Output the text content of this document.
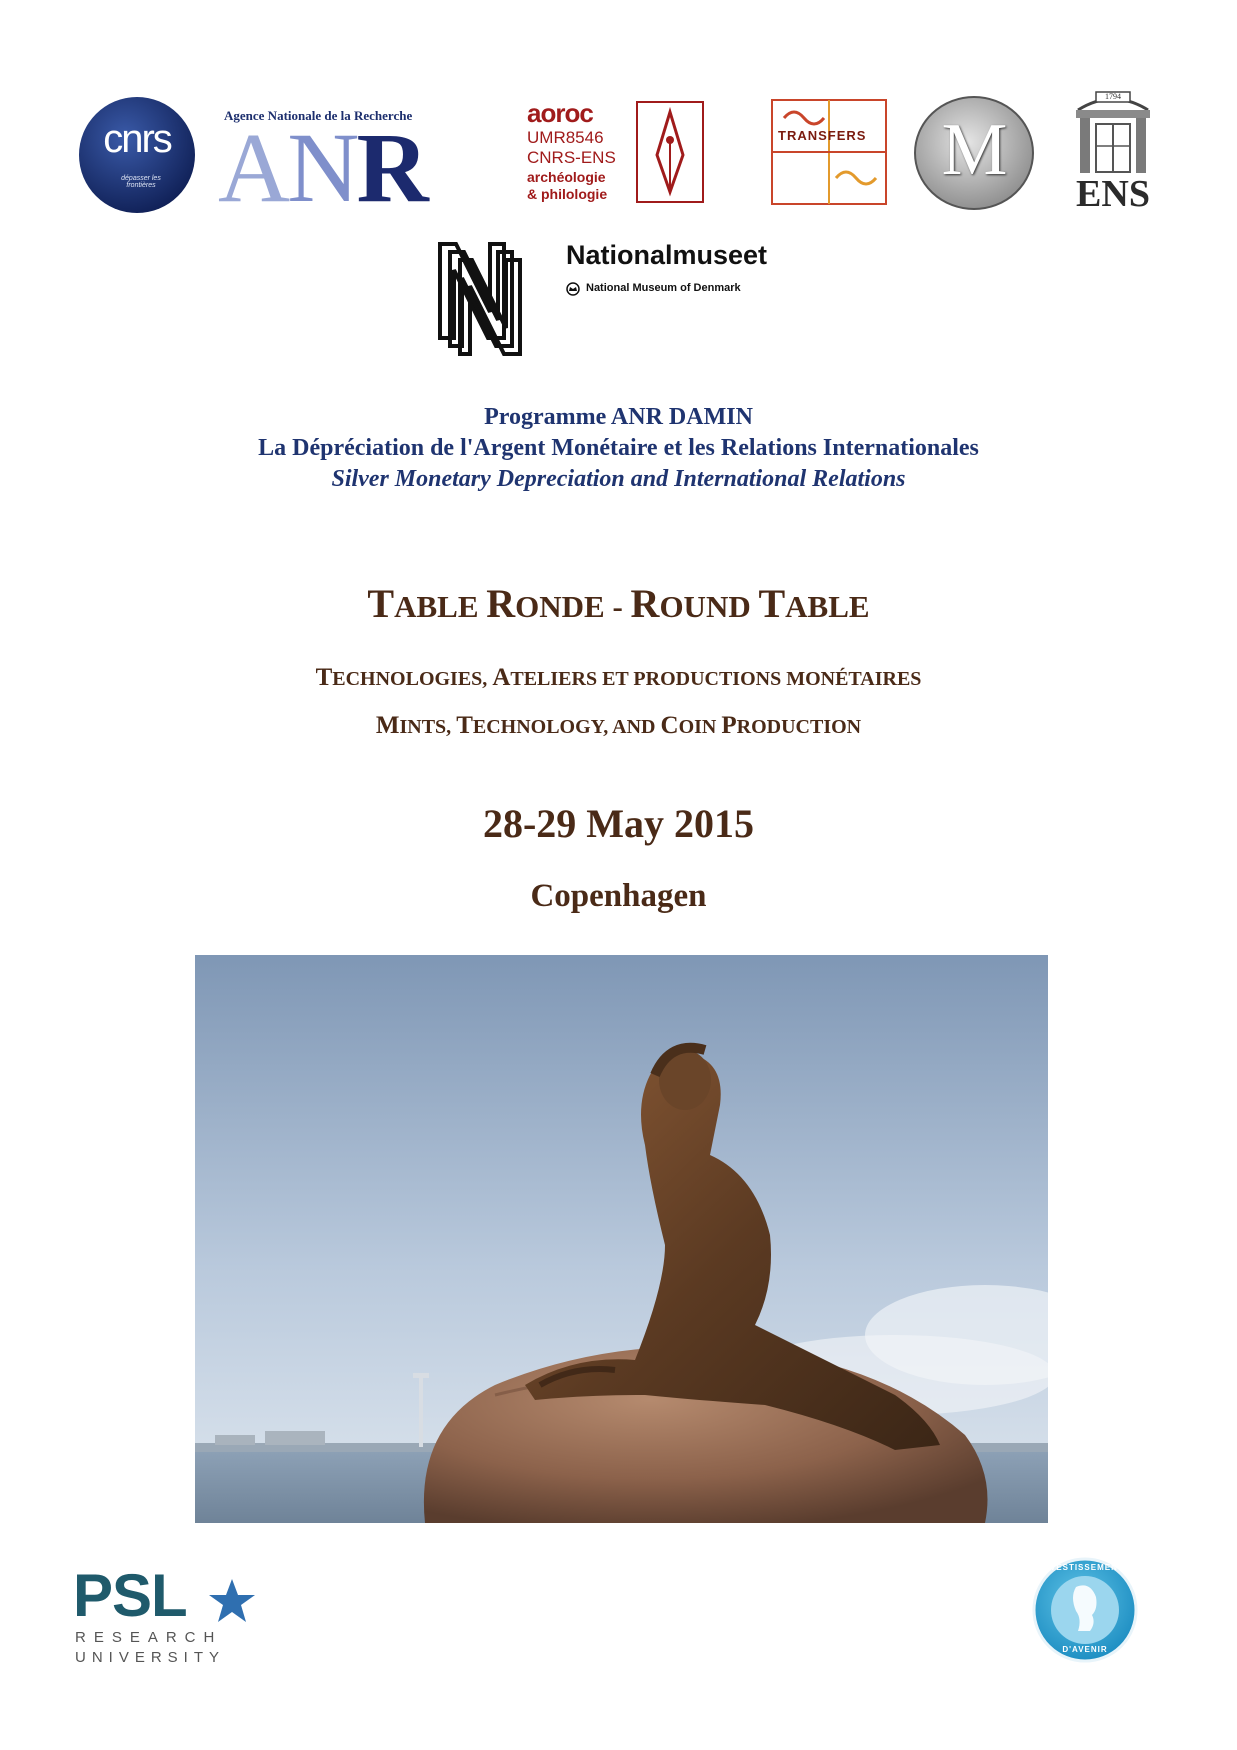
cnrs
dépasser les frontières
Agence Nationale de la Recherche
ANR	aoroc
UMR8546
CNRS-ENS
archéologie
& philologie
TRANSFERS	M
1794
ENS
Nationalmuseet
National Museum of Denmark
Programme ANR DAMIN
La Dépréciation de l'Argent Monétaire et les Relations Internationales
Silver Monetary Depreciation and International Relations
TABLE RONDE - ROUND TABLE
TECHNOLOGIES, ATELIERS ET PRODUCTIONS MONÉTAIRES
MINTS, TECHNOLOGY, AND COIN PRODUCTION
28-29 May 2015
Copenhagen
PSL
RESEARCH
UNIVERSITY
INVESTISSEMENTS
D'AVENIR
